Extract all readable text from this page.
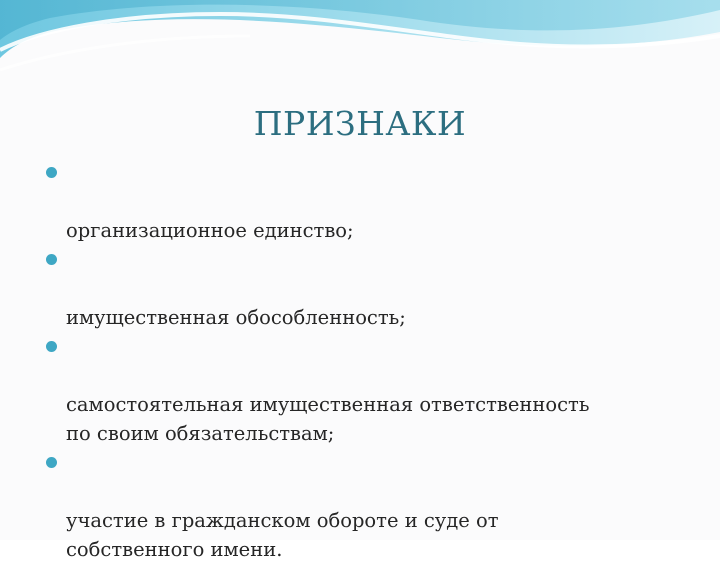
ПРИЗНАКИ

организационное единство;

имущественная обособленность;

самостоятельная имущественная ответственность
по своим обязательствам;

участие в гражданском обороте и суде от
собственного имени.
